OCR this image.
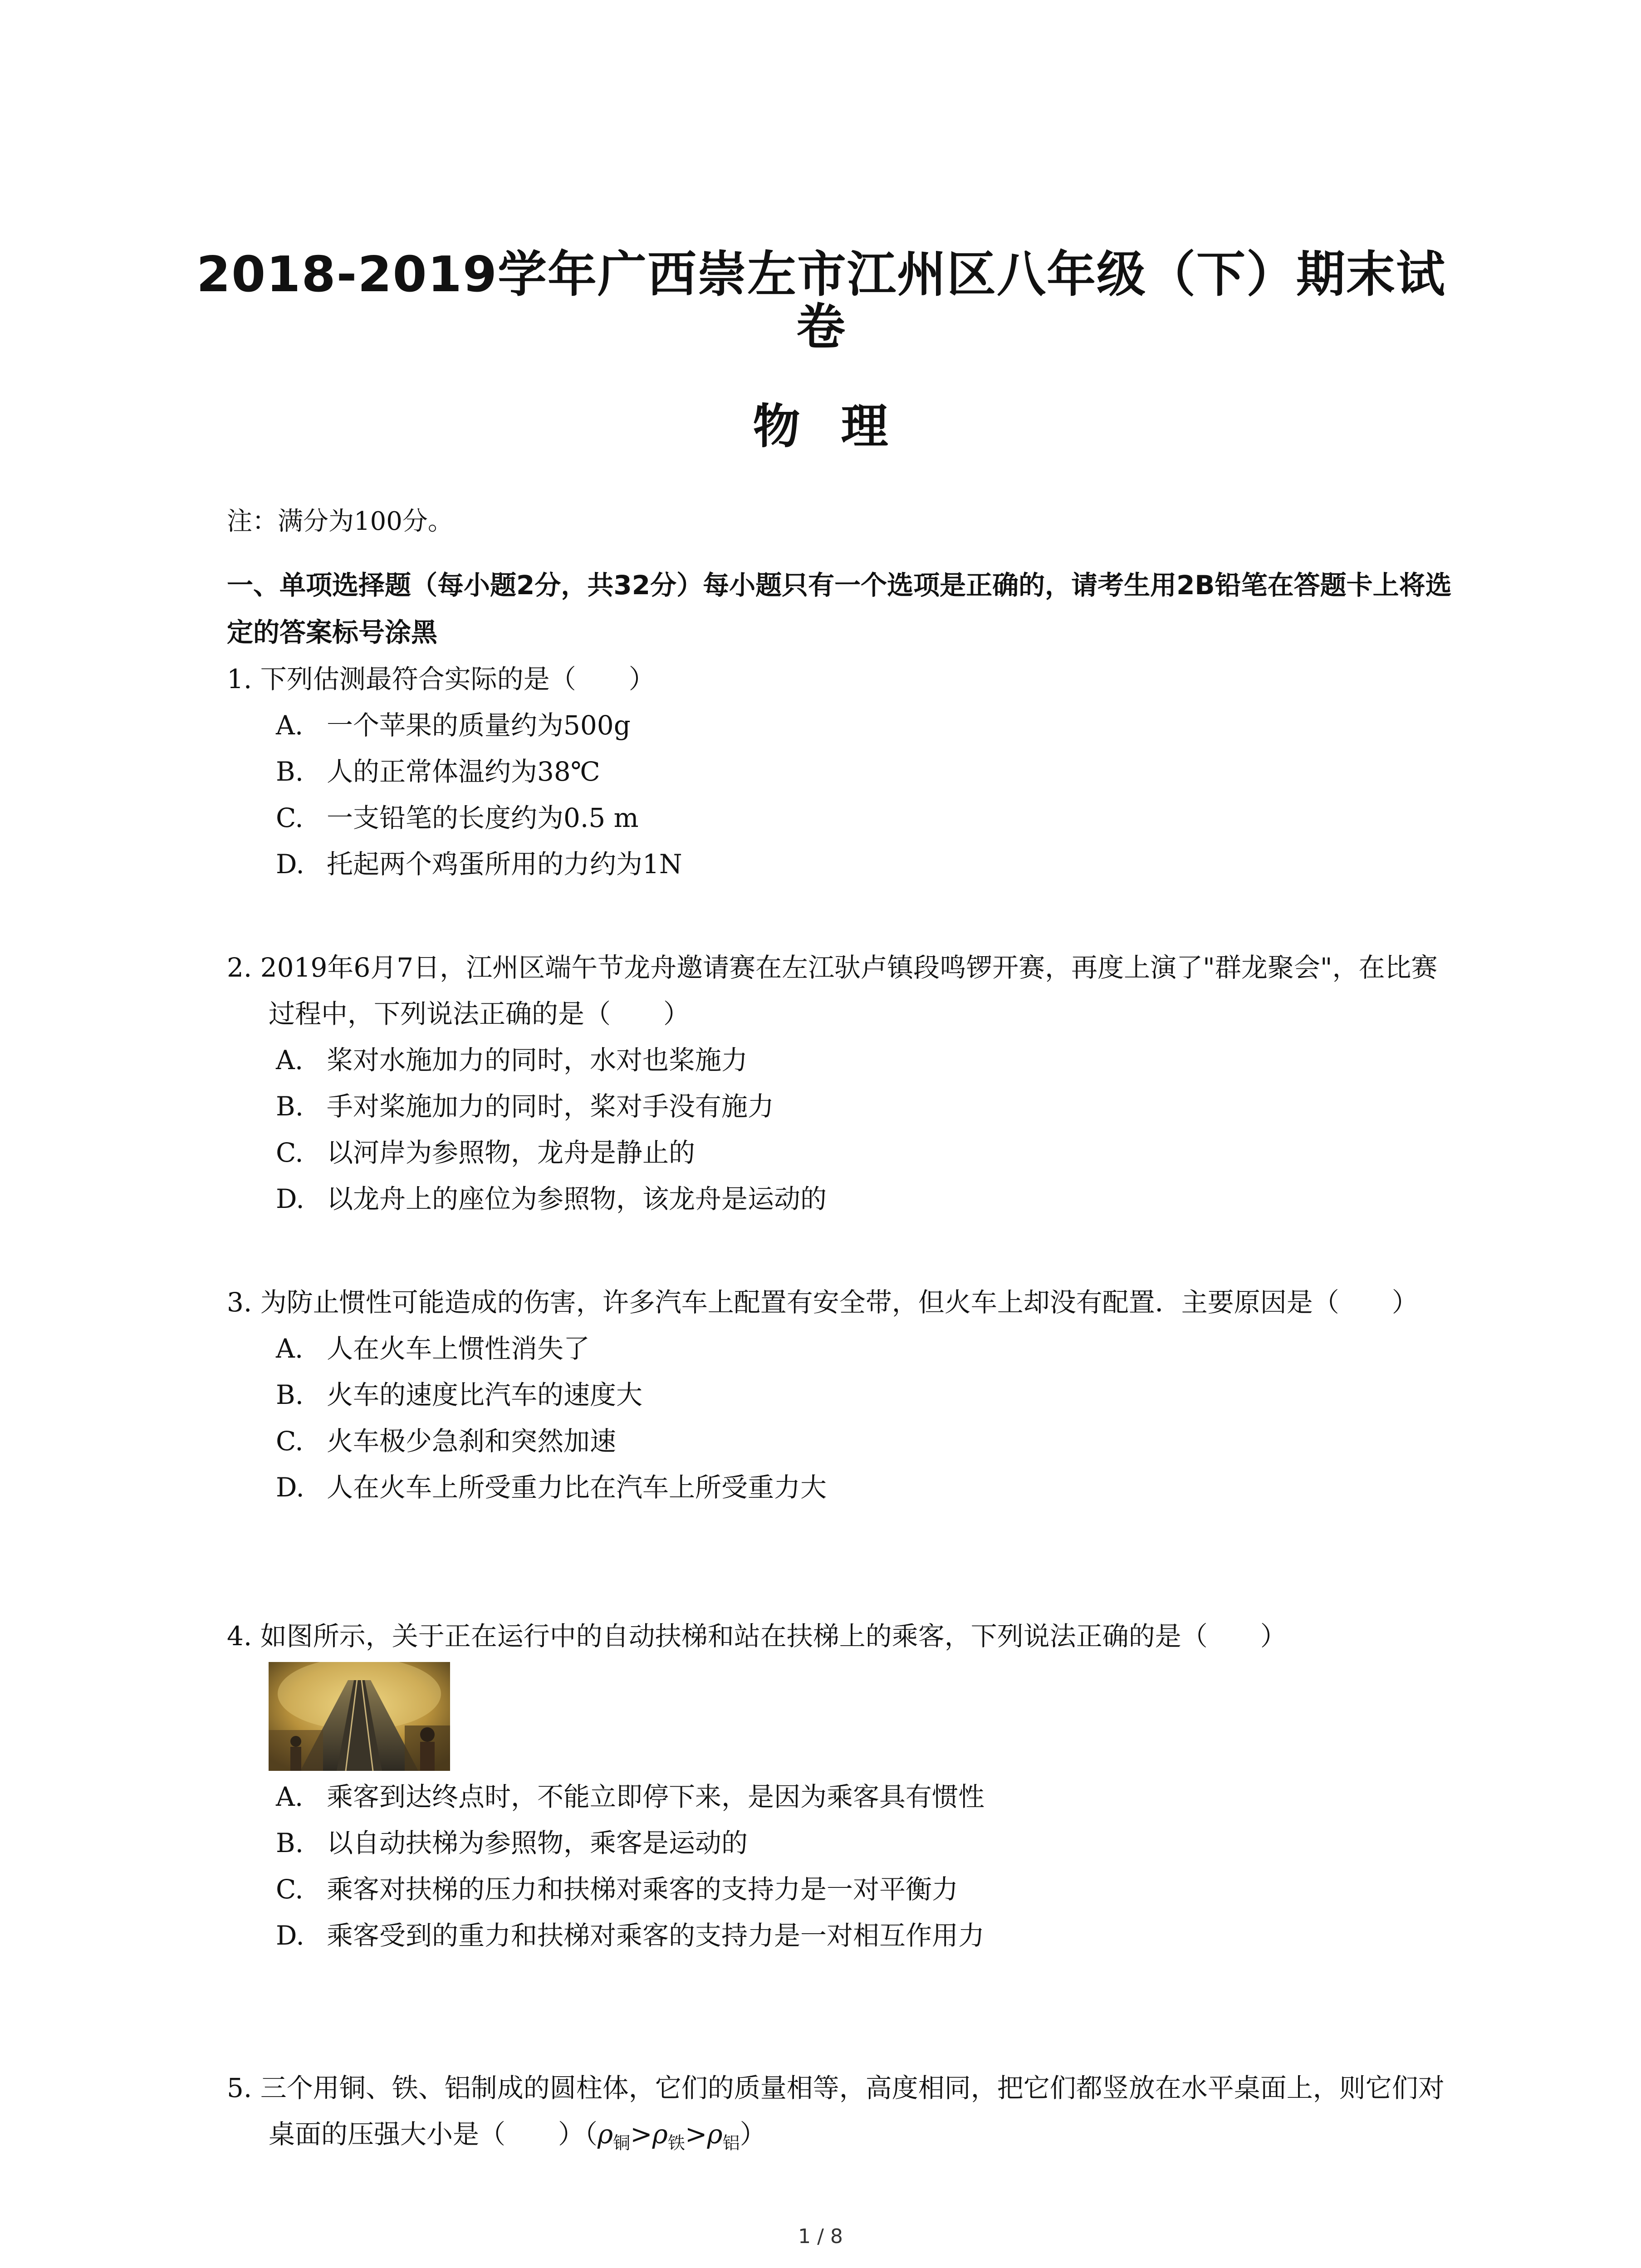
2018-2019学年广西崇左市江州区八年级（下）期末试卷
物理
注：满分为100分。
一、单项选择题（每小题2分，共32分）每小题只有一个选项是正确的，请考生用2B铅笔在答题卡上将选定的答案标号涂黑
1. 下列估测最符合实际的是（　　）
A. 一个苹果的质量约为500g
B. 人的正常体温约为38℃
C. 一支铅笔的长度约为0.5 m
D. 托起两个鸡蛋所用的力约为1N
2. 2019年6月7日，江州区端午节龙舟邀请赛在左江驮卢镇段鸣锣开赛，再度上演了"群龙聚会"，在比赛过程中，下列说法正确的是（　　）
A. 桨对水施加力的同时，水对也桨施力
B. 手对桨施加力的同时，桨对手没有施力
C. 以河岸为参照物，龙舟是静止的
D. 以龙舟上的座位为参照物，该龙舟是运动的
3. 为防止惯性可能造成的伤害，许多汽车上配置有安全带，但火车上却没有配置．主要原因是（　　）
A. 人在火车上惯性消失了
B. 火车的速度比汽车的速度大
C. 火车极少急刹和突然加速
D. 人在火车上所受重力比在汽车上所受重力大
4. 如图所示，关于正在运行中的自动扶梯和站在扶梯上的乘客，下列说法正确的是（　　）
A. 乘客到达终点时，不能立即停下来，是因为乘客具有惯性
B. 以自动扶梯为参照物，乘客是运动的
C. 乘客对扶梯的压力和扶梯对乘客的支持力是一对平衡力
D. 乘客受到的重力和扶梯对乘客的支持力是一对相互作用力
5. 三个用铜、铁、铝制成的圆柱体，它们的质量相等，高度相同，把它们都竖放在水平桌面上，则它们对桌面的压强大小是（　　）$(\rho_铜>\rho_铁>\rho_铝)$
1 / 8
